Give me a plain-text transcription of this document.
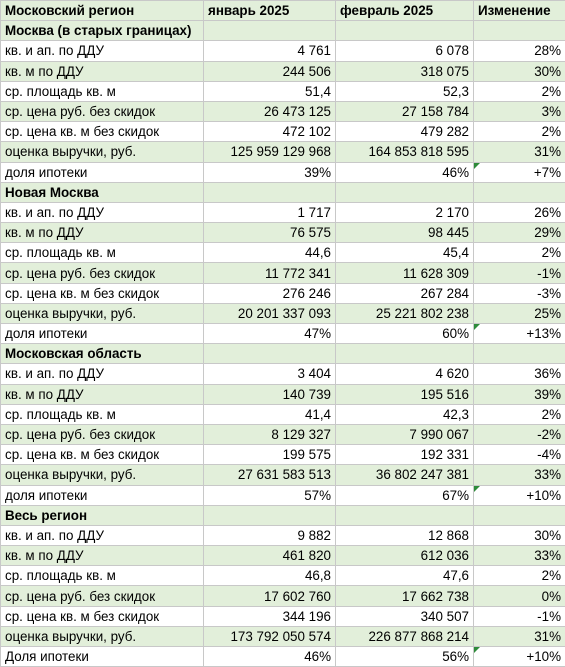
Московский регион	январь 2025	февраль 2025	Изменение
Москва (в старых границах)			
кв. и ап. по ДДУ	4 761	6 078	28%
кв. м по ДДУ	244 506	318 075	30%
ср. площадь кв. м	51,4	52,3	2%
ср. цена руб. без скидок	26 473 125	27 158 784	3%
ср. цена кв. м без скидок	472 102	479 282	2%
оценка выручки, руб.	125 959 129 968	164 853 818 595	31%
доля ипотеки	39%	46%	+7%
Новая Москва			
кв. и ап. по ДДУ	1 717	2 170	26%
кв. м по ДДУ	76 575	98 445	29%
ср. площадь кв. м	44,6	45,4	2%
ср. цена руб. без скидок	11 772 341	11 628 309	-1%
ср. цена кв. м без скидок	276 246	267 284	-3%
оценка выручки, руб.	20 201 337 093	25 221 802 238	25%
доля ипотеки	47%	60%	+13%
Московская область			
кв. и ап. по ДДУ	3 404	4 620	36%
кв. м по ДДУ	140 739	195 516	39%
ср. площадь кв. м	41,4	42,3	2%
ср. цена руб. без скидок	8 129 327	7 990 067	-2%
ср. цена кв. м без скидок	199 575	192 331	-4%
оценка выручки, руб.	27 631 583 513	36 802 247 381	33%
доля ипотеки	57%	67%	+10%
Весь регион			
кв. и ап. по ДДУ	9 882	12 868	30%
кв. м по ДДУ	461 820	612 036	33%
ср. площадь кв. м	46,8	47,6	2%
ср. цена руб. без скидок	17 602 760	17 662 738	0%
ср. цена кв. м без скидок	344 196	340 507	-1%
оценка выручки, руб.	173 792 050 574	226 877 868 214	31%
Доля ипотеки	46%	56%	+10%
